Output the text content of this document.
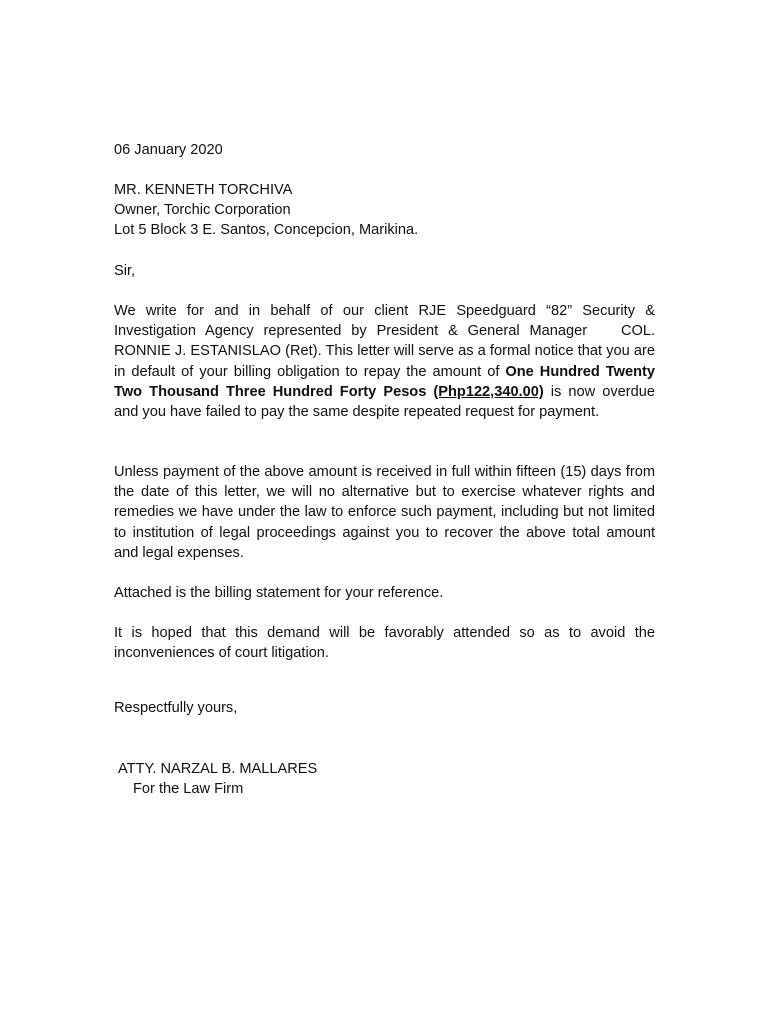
06 January 2020
MR. KENNETH TORCHIVA
Owner, Torchic Corporation
Lot 5 Block 3 E. Santos, Concepcion, Marikina.
Sir,
We write for and in behalf of our client RJE Speedguard “82” Security & Investigation Agency represented by President & General Manager COL. RONNIE J. ESTANISLAO (Ret). This letter will serve as a formal notice that you are in default of your billing obligation to repay the amount of One Hundred Twenty Two Thousand Three Hundred Forty Pesos (Php122,340.00) is now overdue and you have failed to pay the same despite repeated request for payment.
Unless payment of the above amount is received in full within fifteen (15) days from the date of this letter, we will no alternative but to exercise whatever rights and remedies we have under the law to enforce such payment, including but not limited to institution of legal proceedings against you to recover the above total amount and legal expenses.
Attached is the billing statement for your reference.
It is hoped that this demand will be favorably attended so as to avoid the inconveniences of court litigation.
Respectfully yours,
ATTY. NARZAL B. MALLARES
For the Law Firm
